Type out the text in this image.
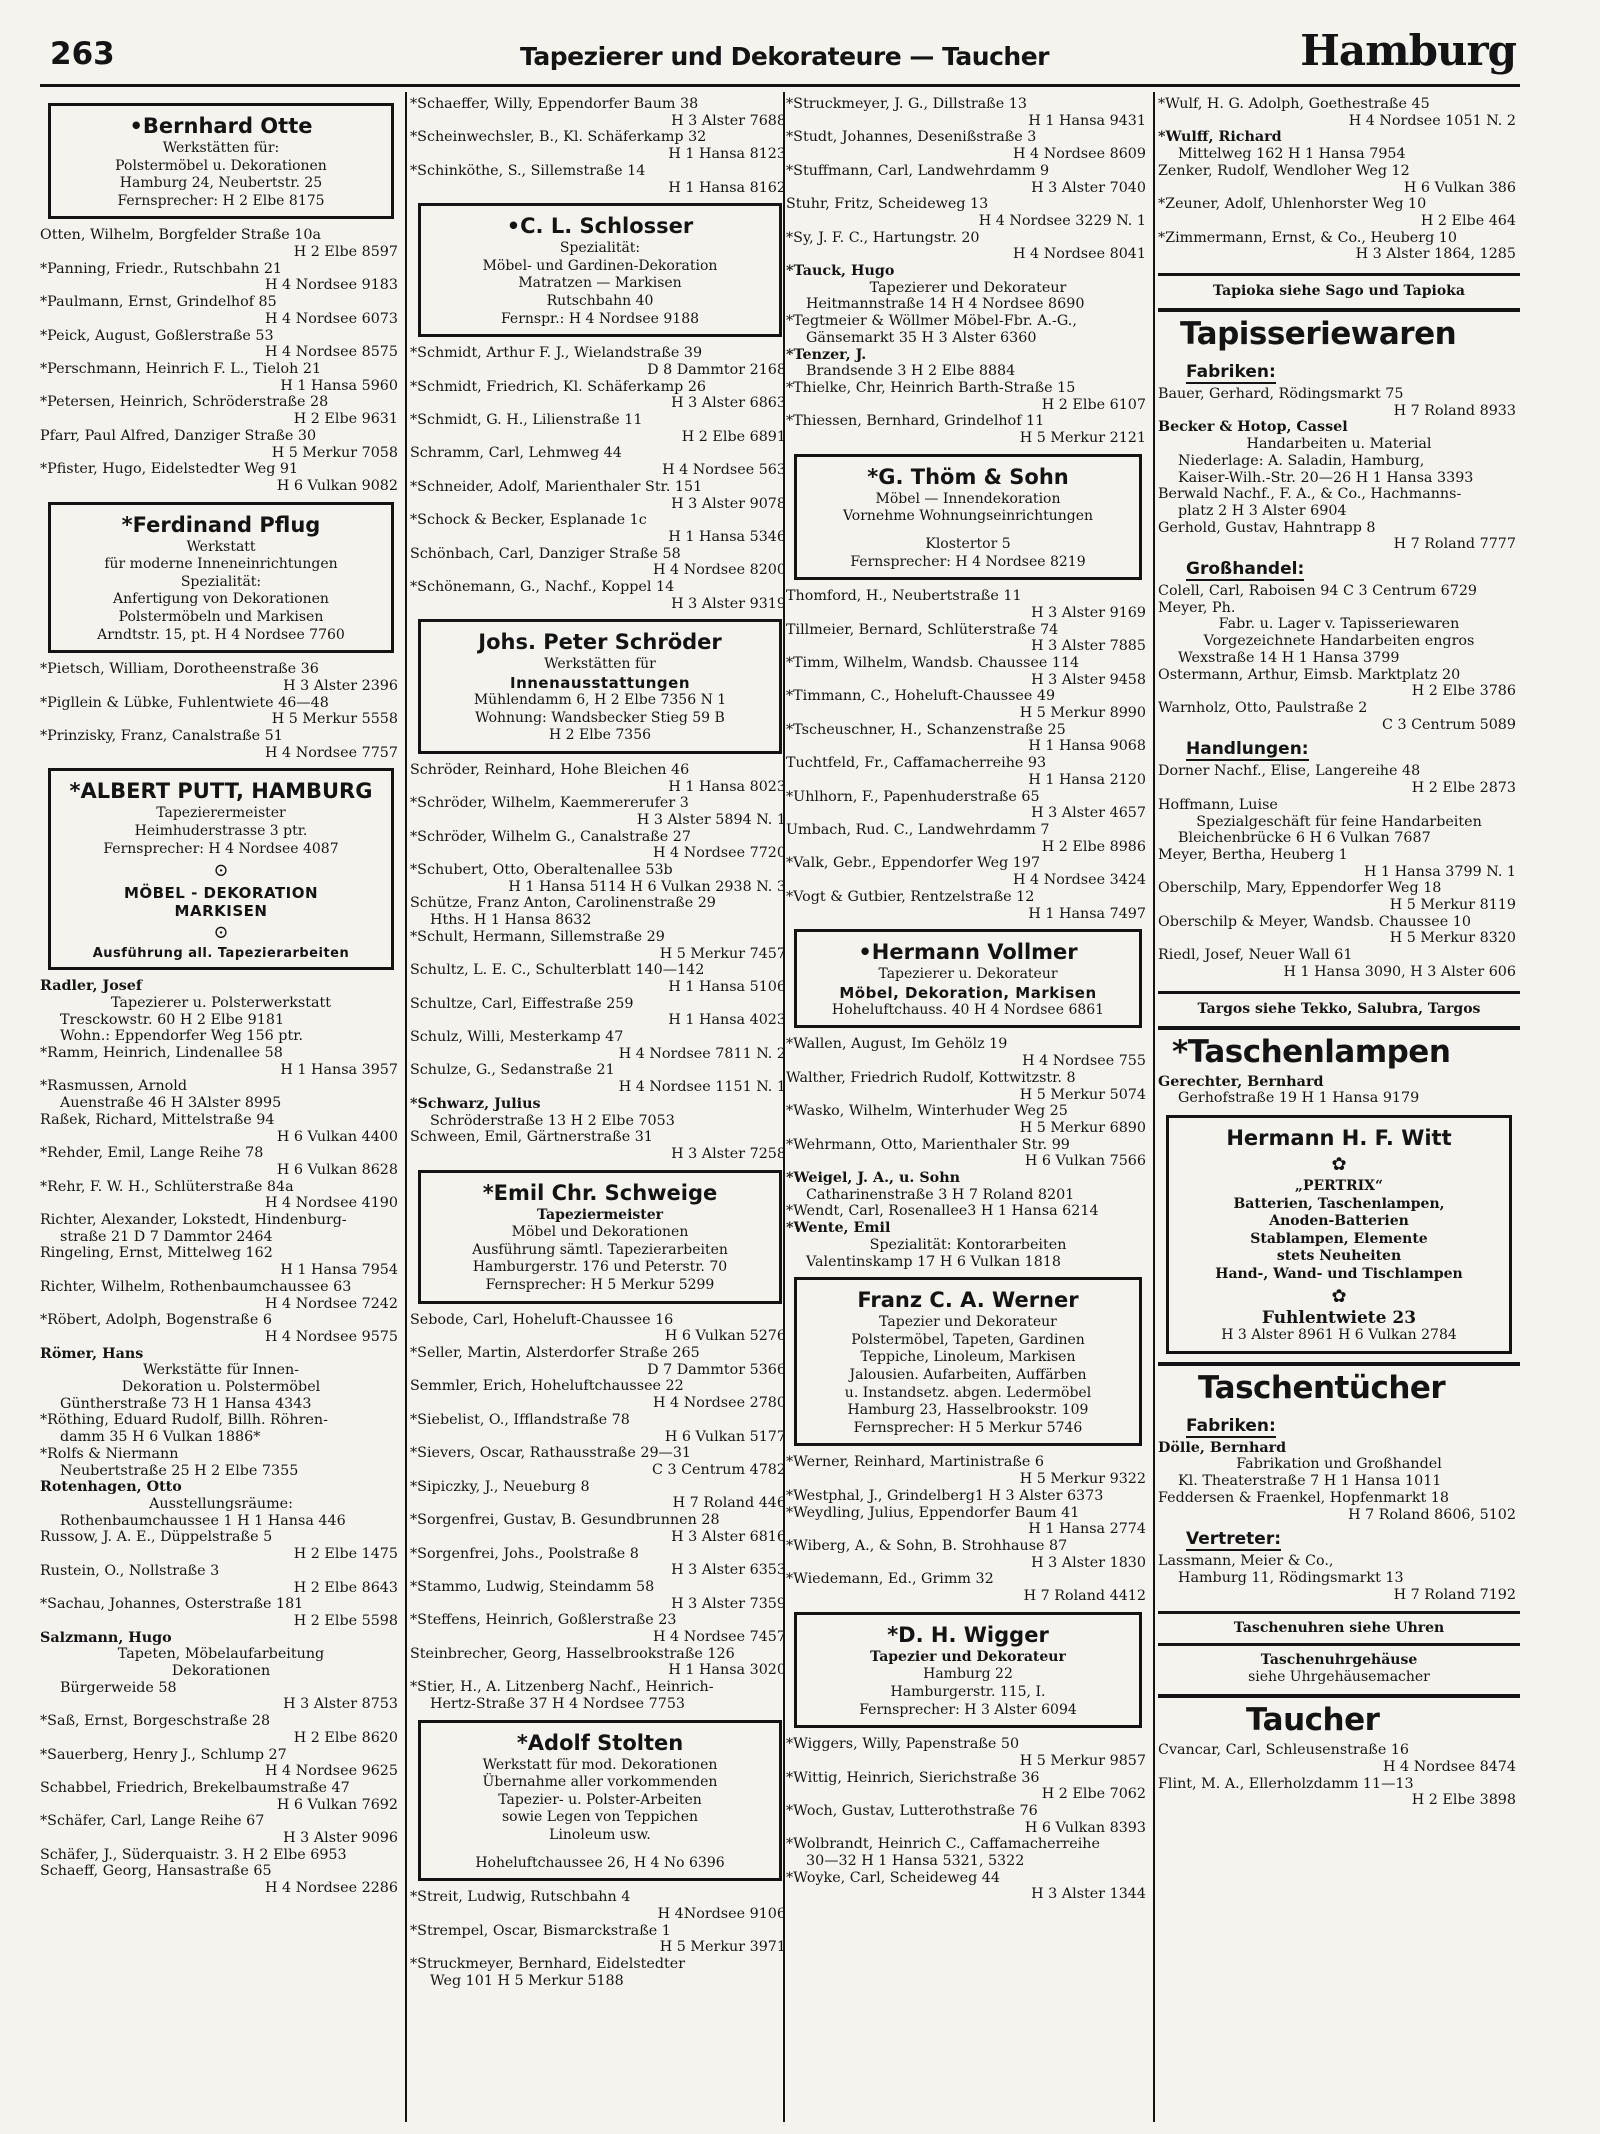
263	Tapezierer und Dekorateure — Taucher	Hamburg
•Bernhard Otte
Werkstätten für:
Polstermöbel u. Dekorationen
Hamburg 24, Neubertstr. 25
Fernsprecher: H 2 Elbe 8175
Otten, Wilhelm, Borgfelder Straße 10a
H 2 Elbe 8597
*Panning, Friedr., Rutschbahn 21
H 4 Nordsee 9183
*Paulmann, Ernst, Grindelhof 85
H 4 Nordsee 6073
*Peick, August, Goßlerstraße 53
H 4 Nordsee 8575
*Perschmann, Heinrich F. L., Tieloh 21
H 1 Hansa 5960
*Petersen, Heinrich, Schröderstraße 28
H 2 Elbe 9631
Pfarr, Paul Alfred, Danziger Straße 30
H 5 Merkur 7058
*Pfister, Hugo, Eidelstedter Weg 91
H 6 Vulkan 9082
*Ferdinand Pflug
Werkstatt
für moderne Inneneinrichtungen
Spezialität:
Anfertigung von Dekorationen
Polstermöbeln und Markisen
Arndtstr. 15, pt. H 4 Nordsee 7760
*Pietsch, William, Dorotheenstraße 36
H 3 Alster 2396
*Pigllein & Lübke, Fuhlentwiete 46—48
H 5 Merkur 5558
*Prinzisky, Franz, Canalstraße 51
H 4 Nordsee 7757
*ALBERT PUTT, HAMBURG
Tapezierermeister
Heimhuderstrasse 3 ptr.
Fernsprecher: H 4 Nordsee 4087
⊙
MÖBEL - DEKORATION
MARKISEN
⊙
Ausführung all. Tapezierarbeiten
Radler, Josef
Tapezierer u. Polsterwerkstatt
Tresckowstr. 60 H 2 Elbe 9181
Wohn.: Eppendorfer Weg 156 ptr.
*Ramm, Heinrich, Lindenallee 58
H 1 Hansa 3957
*Rasmussen, Arnold
Auenstraße 46 H 3Alster 8995
Raßek, Richard, Mittelstraße 94
H 6 Vulkan 4400
*Rehder, Emil, Lange Reihe 78
H 6 Vulkan 8628
*Rehr, F. W. H., Schlüterstraße 84a
H 4 Nordsee 4190
Richter, Alexander, Lokstedt, Hindenburg-
straße 21 D 7 Dammtor 2464
Ringeling, Ernst, Mittelweg 162
H 1 Hansa 7954
Richter, Wilhelm, Rothenbaumchaussee 63
H 4 Nordsee 7242
*Röbert, Adolph, Bogenstraße 6
H 4 Nordsee 9575
Römer, Hans
Werkstätte für Innen-
Dekoration u. Polstermöbel
Güntherstraße 73 H 1 Hansa 4343
*Röthing, Eduard Rudolf, Billh. Röhren-
damm 35 H 6 Vulkan 1886*
*Rolfs & Niermann
Neubertstraße 25 H 2 Elbe 7355
Rotenhagen, Otto
Ausstellungsräume:
Rothenbaumchaussee 1 H 1 Hansa 446
Russow, J. A. E., Düppelstraße 5
H 2 Elbe 1475
Rustein, O., Nollstraße 3
H 2 Elbe 8643
*Sachau, Johannes, Osterstraße 181
H 2 Elbe 5598
Salzmann, Hugo
Tapeten, Möbelaufarbeitung
Dekorationen
Bürgerweide 58
H 3 Alster 8753
*Saß, Ernst, Borgeschstraße 28
H 2 Elbe 8620
*Sauerberg, Henry J., Schlump 27
H 4 Nordsee 9625
Schabbel, Friedrich, Brekelbaumstraße 47
H 6 Vulkan 7692
*Schäfer, Carl, Lange Reihe 67
H 3 Alster 9096
Schäfer, J., Süderquaistr. 3. H 2 Elbe 6953
Schaeff, Georg, Hansastraße 65
H 4 Nordsee 2286
*Schaeffer, Willy, Eppendorfer Baum 38
H 3 Alster 7688
*Scheinwechsler, B., Kl. Schäferkamp 32
H 1 Hansa 8123
*Schinköthe, S., Sillemstraße 14
H 1 Hansa 8162
•C. L. Schlosser
Spezialität:
Möbel- und Gardinen-Dekoration
Matratzen — Markisen
Rutschbahn 40
Fernspr.: H 4 Nordsee 9188
*Schmidt, Arthur F. J., Wielandstraße 39
D 8 Dammtor 2168
*Schmidt, Friedrich, Kl. Schäferkamp 26
H 3 Alster 6863
*Schmidt, G. H., Lilienstraße 11
H 2 Elbe 6891
Schramm, Carl, Lehmweg 44
H 4 Nordsee 563
*Schneider, Adolf, Marienthaler Str. 151
H 3 Alster 9078
*Schock & Becker, Esplanade 1c
H 1 Hansa 5346
Schönbach, Carl, Danziger Straße 58
H 4 Nordsee 8200
*Schönemann, G., Nachf., Koppel 14
H 3 Alster 9319
Johs. Peter Schröder
Werkstätten für
Innenausstattungen
Mühlendamm 6, H 2 Elbe 7356 N 1
Wohnung: Wandsbecker Stieg 59 B
H 2 Elbe 7356
Schröder, Reinhard, Hohe Bleichen 46
H 1 Hansa 8023
*Schröder, Wilhelm, Kaemmererufer 3
H 3 Alster 5894 N. 1
*Schröder, Wilhelm G., Canalstraße 27
H 4 Nordsee 7720
*Schubert, Otto, Oberaltenallee 53b
H 1 Hansa 5114 H 6 Vulkan 2938 N. 3
Schütze, Franz Anton, Carolinenstraße 29
Hths. H 1 Hansa 8632
*Schult, Hermann, Sillemstraße 29
H 5 Merkur 7457
Schultz, L. E. C., Schulterblatt 140—142
H 1 Hansa 5106
Schultze, Carl, Eiffestraße 259
H 1 Hansa 4023
Schulz, Willi, Mesterkamp 47
H 4 Nordsee 7811 N. 2
Schulze, G., Sedanstraße 21
H 4 Nordsee 1151 N. 1
*Schwarz, Julius
Schröderstraße 13 H 2 Elbe 7053
Schween, Emil, Gärtnerstraße 31
H 3 Alster 7258
*Emil Chr. Schweige
Tapeziermeister
Möbel und Dekorationen
Ausführung sämtl. Tapezierarbeiten
Hamburgerstr. 176 und Peterstr. 70
Fernsprecher: H 5 Merkur 5299
Sebode, Carl, Hoheluft-Chaussee 16
H 6 Vulkan 5276
*Seller, Martin, Alsterdorfer Straße 265
D 7 Dammtor 5366
Semmler, Erich, Hoheluftchaussee 22
H 4 Nordsee 2780
*Siebelist, O., Ifflandstraße 78
H 6 Vulkan 5177
*Sievers, Oscar, Rathausstraße 29—31
C 3 Centrum 4782
*Sipiczky, J., Neueburg 8
H 7 Roland 446
*Sorgenfrei, Gustav, B. Gesundbrunnen 28
H 3 Alster 6816
*Sorgenfrei, Johs., Poolstraße 8
H 3 Alster 6353
*Stammo, Ludwig, Steindamm 58
H 3 Alster 7359
*Steffens, Heinrich, Goßlerstraße 23
H 4 Nordsee 7457
Steinbrecher, Georg, Hasselbrookstraße 126
H 1 Hansa 3020
*Stier, H., A. Litzenberg Nachf., Heinrich-
Hertz-Straße 37 H 4 Nordsee 7753
*Adolf Stolten
Werkstatt für mod. Dekorationen
Übernahme aller vorkommenden
Tapezier- u. Polster-Arbeiten
sowie Legen von Teppichen
Linoleum usw.
Hoheluftchaussee 26, H 4 No 6396
*Streit, Ludwig, Rutschbahn 4
H 4Nordsee 9106
*Strempel, Oscar, Bismarckstraße 1
H 5 Merkur 3971
*Struckmeyer, Bernhard, Eidelstedter
Weg 101 H 5 Merkur 5188
*Struckmeyer, J. G., Dillstraße 13
H 1 Hansa 9431
*Studt, Johannes, Desenißstraße 3
H 4 Nordsee 8609
*Stuffmann, Carl, Landwehrdamm 9
H 3 Alster 7040
Stuhr, Fritz, Scheideweg 13
H 4 Nordsee 3229 N. 1
*Sy, J. F. C., Hartungstr. 20
H 4 Nordsee 8041
*Tauck, Hugo
Tapezierer und Dekorateur
Heitmannstraße 14 H 4 Nordsee 8690
*Tegtmeier & Wöllmer Möbel-Fbr. A.-G.,
Gänsemarkt 35 H 3 Alster 6360
*Tenzer, J.
Brandsende 3 H 2 Elbe 8884
*Thielke, Chr, Heinrich Barth-Straße 15
H 2 Elbe 6107
*Thiessen, Bernhard, Grindelhof 11
H 5 Merkur 2121
*G. Thöm & Sohn
Möbel — Innendekoration
Vornehme Wohnungseinrichtungen
Klostertor 5
Fernsprecher: H 4 Nordsee 8219
Thomford, H., Neubertstraße 11
H 3 Alster 9169
Tillmeier, Bernard, Schlüterstraße 74
H 3 Alster 7885
*Timm, Wilhelm, Wandsb. Chaussee 114
H 3 Alster 9458
*Timmann, C., Hoheluft-Chaussee 49
H 5 Merkur 8990
*Tscheuschner, H., Schanzenstraße 25
H 1 Hansa 9068
Tuchtfeld, Fr., Caffamacherreihe 93
H 1 Hansa 2120
*Uhlhorn, F., Papenhuderstraße 65
H 3 Alster 4657
Umbach, Rud. C., Landwehrdamm 7
H 2 Elbe 8986
*Valk, Gebr., Eppendorfer Weg 197
H 4 Nordsee 3424
*Vogt & Gutbier, Rentzelstraße 12
H 1 Hansa 7497
•Hermann Vollmer
Tapezierer u. Dekorateur
Möbel, Dekoration, Markisen
Hoheluftchauss. 40 H 4 Nordsee 6861
*Wallen, August, Im Gehölz 19
H 4 Nordsee 755
Walther, Friedrich Rudolf, Kottwitzstr. 8
H 5 Merkur 5074
*Wasko, Wilhelm, Winterhuder Weg 25
H 5 Merkur 6890
*Wehrmann, Otto, Marienthaler Str. 99
H 6 Vulkan 7566
*Weigel, J. A., u. Sohn
Catharinenstraße 3 H 7 Roland 8201
*Wendt, Carl, Rosenallee3 H 1 Hansa 6214
*Wente, Emil
Spezialität: Kontorarbeiten
Valentinskamp 17 H 6 Vulkan 1818
Franz C. A. Werner
Tapezier und Dekorateur
Polstermöbel, Tapeten, Gardinen
Teppiche, Linoleum, Markisen
Jalousien. Aufarbeiten, Auffärben
u. Instandsetz. abgen. Ledermöbel
Hamburg 23, Hasselbrookstr. 109
Fernsprecher: H 5 Merkur 5746
*Werner, Reinhard, Martinistraße 6
H 5 Merkur 9322
*Westphal, J., Grindelberg1 H 3 Alster 6373
*Weydling, Julius, Eppendorfer Baum 41
H 1 Hansa 2774
*Wiberg, A., & Sohn, B. Strohhause 87
H 3 Alster 1830
*Wiedemann, Ed., Grimm 32
H 7 Roland 4412
*D. H. Wigger
Tapezier und Dekorateur
Hamburg 22
Hamburgerstr. 115, I.
Fernsprecher: H 3 Alster 6094
*Wiggers, Willy, Papenstraße 50
H 5 Merkur 9857
*Wittig, Heinrich, Sierichstraße 36
H 2 Elbe 7062
*Woch, Gustav, Lutterothstraße 76
H 6 Vulkan 8393
*Wolbrandt, Heinrich C., Caffamacherreihe
30—32 H 1 Hansa 5321, 5322
*Woyke, Carl, Scheideweg 44
H 3 Alster 1344
*Wulf, H. G. Adolph, Goethestraße 45
H 4 Nordsee 1051 N. 2
*Wulff, Richard
Mittelweg 162 H 1 Hansa 7954
Zenker, Rudolf, Wendloher Weg 12
H 6 Vulkan 386
*Zeuner, Adolf, Uhlenhorster Weg 10
H 2 Elbe 464
*Zimmermann, Ernst, & Co., Heuberg 10
H 3 Alster 1864, 1285
Tapioka siehe Sago und Tapioka
Tapisseriewaren
Fabriken:
Bauer, Gerhard, Rödingsmarkt 75
H 7 Roland 8933
Becker & Hotop, Cassel
Handarbeiten u. Material
Niederlage: A. Saladin, Hamburg,
Kaiser-Wilh.-Str. 20—26 H 1 Hansa 3393
Berwald Nachf., F. A., & Co., Hachmanns-
platz 2 H 3 Alster 6904
Gerhold, Gustav, Hahntrapp 8
H 7 Roland 7777
Großhandel:
Colell, Carl, Raboisen 94 C 3 Centrum 6729
Meyer, Ph.
Fabr. u. Lager v. Tapisseriewaren
Vorgezeichnete Handarbeiten engros
Wexstraße 14 H 1 Hansa 3799
Ostermann, Arthur, Eimsb. Marktplatz 20
H 2 Elbe 3786
Warnholz, Otto, Paulstraße 2
C 3 Centrum 5089
Handlungen:
Dorner Nachf., Elise, Langereihe 48
H 2 Elbe 2873
Hoffmann, Luise
Spezialgeschäft für feine Handarbeiten
Bleichenbrücke 6 H 6 Vulkan 7687
Meyer, Bertha, Heuberg 1
H 1 Hansa 3799 N. 1
Oberschilp, Mary, Eppendorfer Weg 18
H 5 Merkur 8119
Oberschilp & Meyer, Wandsb. Chaussee 10
H 5 Merkur 8320
Riedl, Josef, Neuer Wall 61
H 1 Hansa 3090, H 3 Alster 606
Targos siehe Tekko, Salubra, Targos
*Taschenlampen
Gerechter, Bernhard
Gerhofstraße 19 H 1 Hansa 9179
Hermann H. F. Witt
✿
„PERTRIX“
Batterien, Taschenlampen,
Anoden-Batterien
Stablampen, Elemente
stets Neuheiten
Hand-, Wand- und Tischlampen
✿
Fuhlentwiete 23
H 3 Alster 8961 H 6 Vulkan 2784
Taschentücher
Fabriken:
Dölle, Bernhard
Fabrikation und Großhandel
Kl. Theaterstraße 7 H 1 Hansa 1011
Feddersen & Fraenkel, Hopfenmarkt 18
H 7 Roland 8606, 5102
Vertreter:
Lassmann, Meier & Co.,
Hamburg 11, Rödingsmarkt 13
H 7 Roland 7192
Taschenuhren siehe Uhren
Taschenuhrgehäuse
siehe Uhrgehäusemacher
Taucher
Cvancar, Carl, Schleusenstraße 16
H 4 Nordsee 8474
Flint, M. A., Ellerholzdamm 11—13
H 2 Elbe 3898
